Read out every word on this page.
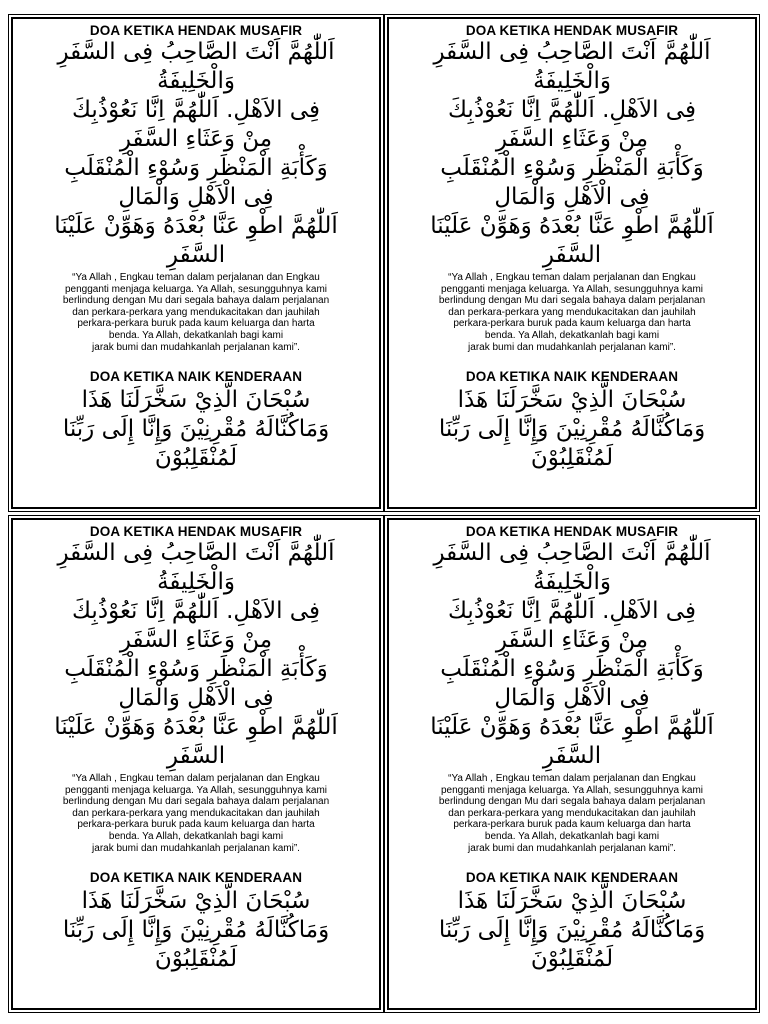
DOA KETIKA HENDAK MUSAFIR
اَللّٰهُمَّ اَنْتَ الصَّاحِبُ فِى السَّفَرِ
وَالْخَلِيفَةُ
فِى الاَهْلِ. اَللّٰهُمَّ اِنَّا نَعُوْذُبِكَ
مِنْ وَعَثَاءِ السَّفَرِ
وَكَأْبَةِ الْمَنْظَرِ وَسُوْءِ الْمُنْقَلَبِ
فِى الْاَهْلِ وَالْمَالِ
اَللّٰهُمَّ اطْوِ عَنَّا بُعْدَهُ وَهَوِّنْ عَلَيْنَا
السَّفَرِ
“Ya Allah , Engkau teman dalam perjalanan dan Engkau
pengganti menjaga keluarga. Ya Allah, sesungguhnya kami
berlindung dengan Mu dari segala bahaya dalam perjalanan
dan perkara-perkara yang mendukacitakan dan jauhilah
perkara-perkara buruk pada kaum keluarga dan harta
benda. Ya Allah, dekatkanlah bagi kami
jarak bumi dan mudahkanlah perjalanan kami”.
DOA KETIKA NAIK KENDERAAN
سُبْحَانَ الَّذِيْ سَخَّرَلَنَا هَذَا
وَمَاكُنَّالَهُ مُقْرِنِيْنَ وَإِنَّا إِلَى رَبِّنَا
لَمُنْقَلِبُوْنَ
DOA KETIKA HENDAK MUSAFIR
اَللّٰهُمَّ اَنْتَ الصَّاحِبُ فِى السَّفَرِ
وَالْخَلِيفَةُ
فِى الاَهْلِ. اَللّٰهُمَّ اِنَّا نَعُوْذُبِكَ
مِنْ وَعَثَاءِ السَّفَرِ
وَكَأْبَةِ الْمَنْظَرِ وَسُوْءِ الْمُنْقَلَبِ
فِى الْاَهْلِ وَالْمَالِ
اَللّٰهُمَّ اطْوِ عَنَّا بُعْدَهُ وَهَوِّنْ عَلَيْنَا
السَّفَرِ
“Ya Allah , Engkau teman dalam perjalanan dan Engkau
pengganti menjaga keluarga. Ya Allah, sesungguhnya kami
berlindung dengan Mu dari segala bahaya dalam perjalanan
dan perkara-perkara yang mendukacitakan dan jauhilah
perkara-perkara buruk pada kaum keluarga dan harta
benda. Ya Allah, dekatkanlah bagi kami
jarak bumi dan mudahkanlah perjalanan kami”.
DOA KETIKA NAIK KENDERAAN
سُبْحَانَ الَّذِيْ سَخَّرَلَنَا هَذَا
وَمَاكُنَّالَهُ مُقْرِنِيْنَ وَإِنَّا إِلَى رَبِّنَا
لَمُنْقَلِبُوْنَ
DOA KETIKA HENDAK MUSAFIR
اَللّٰهُمَّ اَنْتَ الصَّاحِبُ فِى السَّفَرِ
وَالْخَلِيفَةُ
فِى الاَهْلِ. اَللّٰهُمَّ اِنَّا نَعُوْذُبِكَ
مِنْ وَعَثَاءِ السَّفَرِ
وَكَأْبَةِ الْمَنْظَرِ وَسُوْءِ الْمُنْقَلَبِ
فِى الْاَهْلِ وَالْمَالِ
اَللّٰهُمَّ اطْوِ عَنَّا بُعْدَهُ وَهَوِّنْ عَلَيْنَا
السَّفَرِ
“Ya Allah , Engkau teman dalam perjalanan dan Engkau
pengganti menjaga keluarga. Ya Allah, sesungguhnya kami
berlindung dengan Mu dari segala bahaya dalam perjalanan
dan perkara-perkara yang mendukacitakan dan jauhilah
perkara-perkara buruk pada kaum keluarga dan harta
benda. Ya Allah, dekatkanlah bagi kami
jarak bumi dan mudahkanlah perjalanan kami”.
DOA KETIKA NAIK KENDERAAN
سُبْحَانَ الَّذِيْ سَخَّرَلَنَا هَذَا
وَمَاكُنَّالَهُ مُقْرِنِيْنَ وَإِنَّا إِلَى رَبِّنَا
لَمُنْقَلِبُوْنَ
DOA KETIKA HENDAK MUSAFIR
اَللّٰهُمَّ اَنْتَ الصَّاحِبُ فِى السَّفَرِ
وَالْخَلِيفَةُ
فِى الاَهْلِ. اَللّٰهُمَّ اِنَّا نَعُوْذُبِكَ
مِنْ وَعَثَاءِ السَّفَرِ
وَكَأْبَةِ الْمَنْظَرِ وَسُوْءِ الْمُنْقَلَبِ
فِى الْاَهْلِ وَالْمَالِ
اَللّٰهُمَّ اطْوِ عَنَّا بُعْدَهُ وَهَوِّنْ عَلَيْنَا
السَّفَرِ
“Ya Allah , Engkau teman dalam perjalanan dan Engkau
pengganti menjaga keluarga. Ya Allah, sesungguhnya kami
berlindung dengan Mu dari segala bahaya dalam perjalanan
dan perkara-perkara yang mendukacitakan dan jauhilah
perkara-perkara buruk pada kaum keluarga dan harta
benda. Ya Allah, dekatkanlah bagi kami
jarak bumi dan mudahkanlah perjalanan kami”.
DOA KETIKA NAIK KENDERAAN
سُبْحَانَ الَّذِيْ سَخَّرَلَنَا هَذَا
وَمَاكُنَّالَهُ مُقْرِنِيْنَ وَإِنَّا إِلَى رَبِّنَا
لَمُنْقَلِبُوْنَ
